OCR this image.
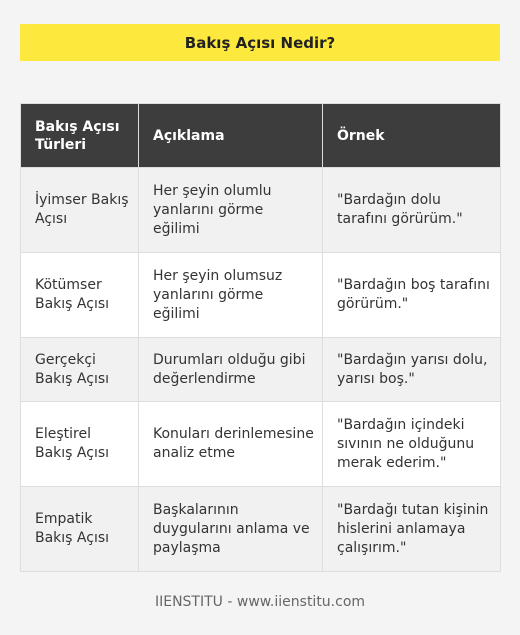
Bakış Açısı Nedir?
Bakış Açısı Türleri	Açıklama	Örnek
İyimser Bakış Açısı	Her şeyin olumlu yanlarını görme eğilimi	"Bardağın dolu tarafını görürüm."
Kötümser Bakış Açısı	Her şeyin olumsuz yanlarını görme eğilimi	"Bardağın boş tarafını görürüm."
Gerçekçi Bakış Açısı	Durumları olduğu gibi değerlendirme	"Bardağın yarısı dolu, yarısı boş."
Eleştirel Bakış Açısı	Konuları derinlemesine analiz etme	"Bardağın içindeki sıvının ne olduğunu merak ederim."
Empatik Bakış Açısı	Başkalarının duygularını anlama ve paylaşma	"Bardağı tutan kişinin hislerini anlamaya çalışırım."
IIENSTITU - www.iienstitu.com
